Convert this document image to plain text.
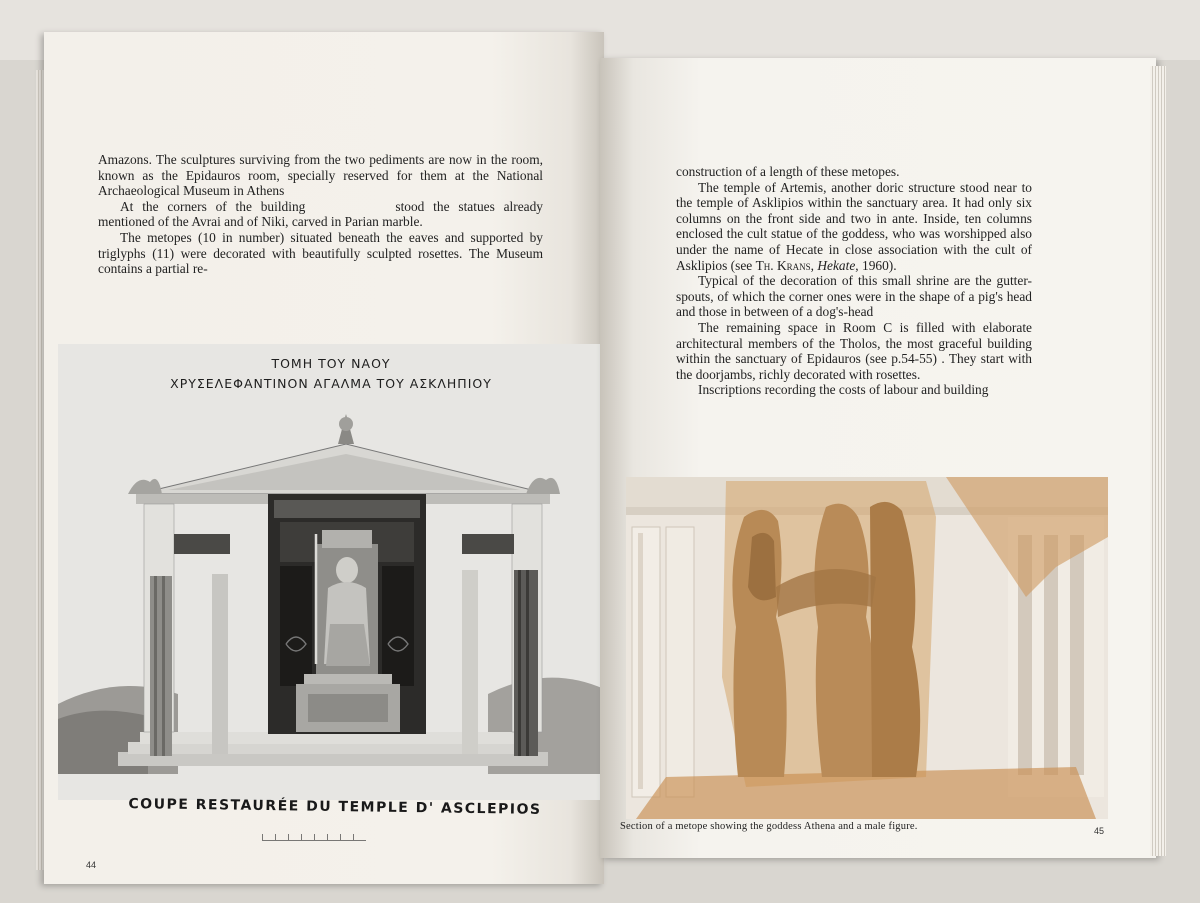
Amazons. The sculptures surviving from the two pediments are now in the room, known as the Epidauros room, specially reserved for them at the National Archaeological Museum in Athens

At the corners of the building	stood the statues already mentioned of the Avrai and of Niki, carved in Parian marble.

The metopes (10 in number) situated beneath the eaves and supported by triglyphs (11) were decorated with beautifully sculpted rosettes. The Museum contains a partial re-

ΤΟΜΗ ΤΟΥ ΝΑΟΥ
ΧΡΥΣΕΛΕΦΑΝΤΙΝΟΝ ΑΓΑΛΜΑ ΤΟΥ ΑΣΚΛΗΠΙΟΥ
COUPE RESTAURÉE DU TEMPLE D' ASCLEPIOS
44

construction of a length of these metopes.

The temple of Artemis, another doric structure stood near to the temple of Asklipios within the sanctuary area. It had only six columns on the front side and two in ante. Inside, ten columns enclosed the cult statue of the goddess, who was worshipped also under the name of Hecate in close association with the cult of Asklipios (see Th. Krans, Hekate, 1960).

Typical of the decoration of this small shrine are the gutter-spouts, of which the corner ones were in the shape of a pig's head and those in between of a dog's-head

The remaining space in Room C is filled with elaborate architectural members of the Tholos, the most graceful building within the sanctuary of Epidauros (see p.54-55) . They start with the doorjambs, richly decorated with rosettes.

Inscriptions recording the costs of labour and building

Section of a metope showing the goddess Athena and a male figure.	45
